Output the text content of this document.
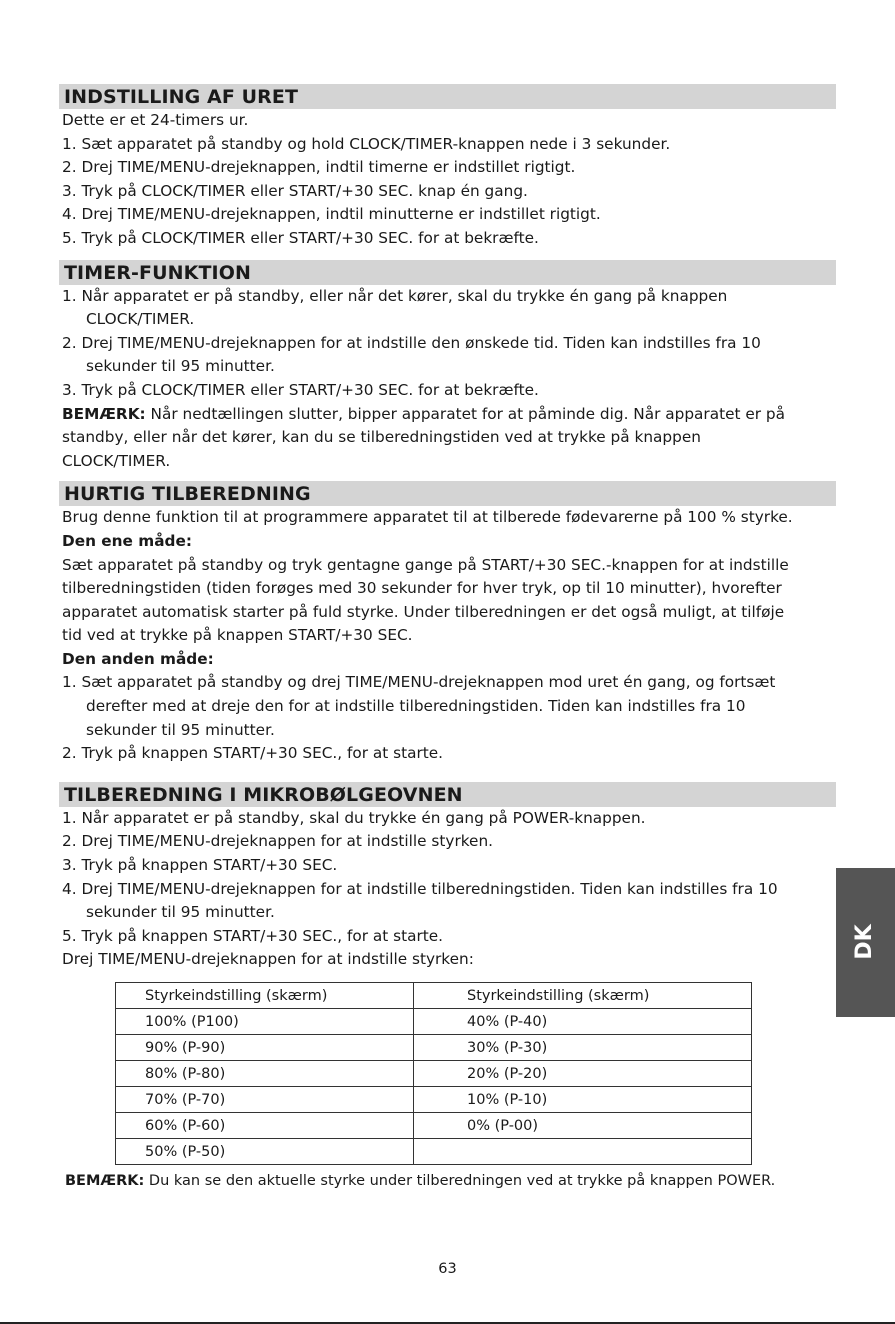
INDSTILLING AF URET
Dette er et 24-timers ur.
1. Sæt apparatet på standby og hold CLOCK/TIMER-knappen nede i 3 sekunder.
2. Drej TIME/MENU-drejeknappen, indtil timerne er indstillet rigtigt.
3. Tryk på CLOCK/TIMER eller START/+30 SEC. knap én gang.
4. Drej TIME/MENU-drejeknappen, indtil minutterne er indstillet rigtigt.
5. Tryk på CLOCK/TIMER eller START/+30 SEC. for at bekræfte.
TIMER-FUNKTION
1. Når apparatet er på standby, eller når det kører, skal du trykke én gang på knappen
CLOCK/TIMER.
2. Drej TIME/MENU-drejeknappen for at indstille den ønskede tid. Tiden kan indstilles fra 10
sekunder til 95 minutter.
3. Tryk på CLOCK/TIMER eller START/+30 SEC. for at bekræfte.
BEMÆRK: Når nedtællingen slutter, bipper apparatet for at påminde dig. Når apparatet er på
standby, eller når det kører, kan du se tilberedningstiden ved at trykke på knappen
CLOCK/TIMER.
HURTIG TILBEREDNING
Brug denne funktion til at programmere apparatet til at tilberede fødevarerne på 100 % styrke.
Den ene måde:
Sæt apparatet på standby og tryk gentagne gange på START/+30 SEC.-knappen for at indstille
tilberedningstiden (tiden forøges med 30 sekunder for hver tryk, op til 10 minutter), hvorefter
apparatet automatisk starter på fuld styrke. Under tilberedningen er det også muligt, at tilføje
tid ved at trykke på knappen START/+30 SEC.
Den anden måde:
1. Sæt apparatet på standby og drej TIME/MENU-drejeknappen mod uret én gang, og fortsæt
derefter med at dreje den for at indstille tilberedningstiden. Tiden kan indstilles fra 10
sekunder til 95 minutter.
2. Tryk på knappen START/+30 SEC., for at starte.
TILBEREDNING I MIKROBØLGEOVNEN
1. Når apparatet er på standby, skal du trykke én gang på POWER-knappen.
2. Drej TIME/MENU-drejeknappen for at indstille styrken.
3. Tryk på knappen START/+30 SEC.
4. Drej TIME/MENU-drejeknappen for at indstille tilberedningstiden. Tiden kan indstilles fra 10
sekunder til 95 minutter.
5. Tryk på knappen START/+30 SEC., for at starte.
Drej TIME/MENU-drejeknappen for at indstille styrken:
Styrkeindstilling (skærm)	Styrkeindstilling (skærm)
100% (P100)	40% (P-40)
90% (P-90)	30% (P-30)
80% (P-80)	20% (P-20)
70% (P-70)	10% (P-10)
60% (P-60)	0% (P-00)
50% (P-50)	
BEMÆRK: Du kan se den aktuelle styrke under tilberedningen ved at trykke på knappen POWER.
63
DK
